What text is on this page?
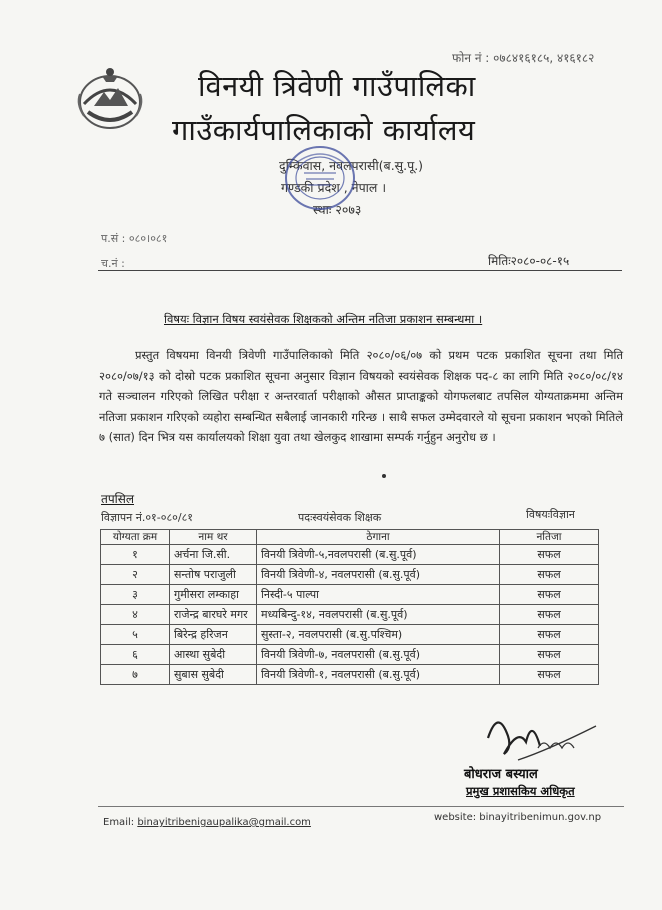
फोन नं : ०७८४१६१८५, ४१६१८२
विनयी त्रिवेणी गाउँपालिका
गाउँकार्यपालिकाको कार्यालय
दुम्किवास, नवलपरासी(ब.सु.पू.)
गण्डकी प्रदेश , नेपाल ।
स्थाः २०७३
प.सं : ०८०।०८१
च.नं :	मितिः२०८०-०८-१५
विषयः विज्ञान विषय स्वयंसेवक शिक्षकको अन्तिम नतिजा प्रकाशन सम्बन्धमा ।

प्रस्तुत विषयमा विनयी त्रिवेणी गाउँपालिकाको मिति २०८०/०६/०७ को प्रथम पटक प्रकाशित सूचना तथा मिति २०८०/०७/१३ को दोस्रो पटक प्रकाशित सूचना अनुसार विज्ञान विषयको स्वयंसेवक शिक्षक पद-८ का लागि मिति २०८०/०८/१४ गते सञ्चालन गरिएको लिखित परीक्षा र अन्तरवार्ता परीक्षाको औसत प्राप्ताङ्कको योगफलबाट तपसिल योग्यताक्रममा अन्तिम नतिजा प्रकाशन गरिएको व्यहोरा सम्बन्धित सबैलाई जानकारी गरिन्छ । साथै सफल उम्मेदवारले यो सूचना प्रकाशन भएको मितिले ७ (सात) दिन भित्र यस कार्यालयको शिक्षा युवा तथा खेलकुद शाखामा सम्पर्क गर्नुहुन अनुरोध छ ।

तपसिल
विज्ञापन नं.०१-०८०/८१	पदःस्वयंसेवक शिक्षक	विषयःविज्ञान
योग्यता क्रम	नाम थर	ठेगाना	नतिजा
१	अर्चना जि.सी.	विनयी त्रिवेणी-५,नवलपरासी (ब.सु.पूर्व)	सफल
२	सन्तोष पराजुली	विनयी त्रिवेणी-४, नवलपरासी (ब.सु.पूर्व)	सफल
३	गुमीसरा लम्काहा	निस्दी-५ पाल्पा	सफल
४	राजेन्द्र बारघरे मगर	मध्यबिन्दु-१४, नवलपरासी (ब.सु.पूर्व)	सफल
५	बिरेन्द्र हरिजन	सुस्ता-२, नवलपरासी (ब.सु.पश्चिम)	सफल
६	आस्था सुबेदी	विनयी त्रिवेणी-७, नवलपरासी (ब.सु.पूर्व)	सफल
७	सुबास सुबेदी	विनयी त्रिवेणी-१, नवलपरासी (ब.सु.पूर्व)	सफल
बोधराज बस्याल
प्रमुख प्रशासकिय अधिकृत
Email: binayitribenigaupalika@gmail.com	website: binayitribenimun.gov.np
